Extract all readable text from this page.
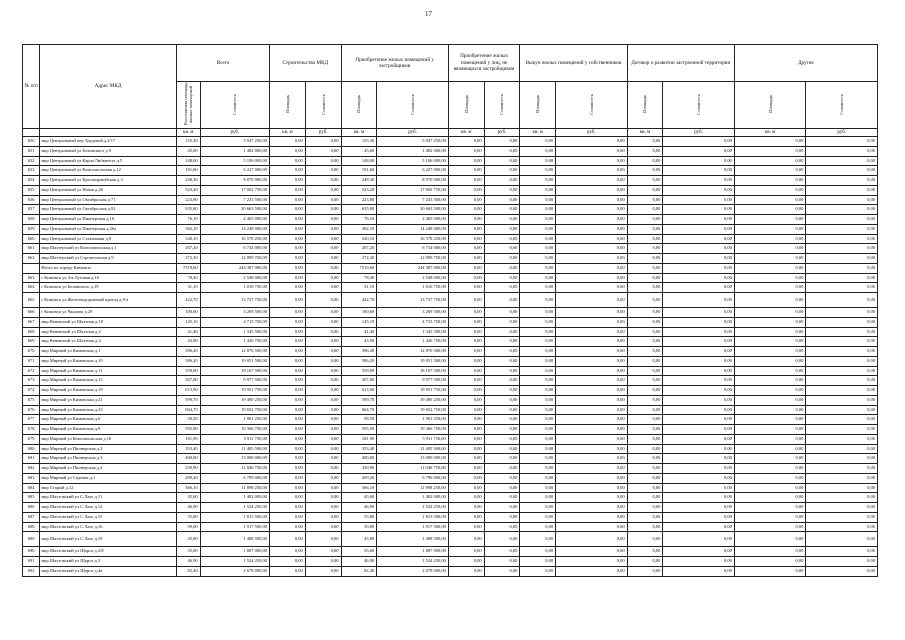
17
№ п/п	Адрес МКД	Всего		Строительство МКД		Приобретение жилых помещений у застройщиков		Приобретение жилых помещений у лиц, не являющихся застройщиком		Выкуп жилых помещений у собственников		Договор о развитии застроенной территории		Другие	
		Расселяемая площадь жилых помещений	Стоимость	Площадь	Стоимость	Площадь	Стоимость	Площадь	Стоимость	Площадь	Стоимость	Площадь	Стоимость	Площадь	Стоимость
		кв. м	руб.	кв. м	руб.	кв. м	руб.	кв. м	руб.	кв. м	руб.	кв. м	руб.	кв. м	руб.
650	мкр Центральный пер Трудовой д.2/17	155,30	5 047 250,00	0,00	0,00	155,30	5 047 250,00	0,00	0,00	0,00	0,00	0,00	0,00	0,00	0,00
651	мкр Центральный ул Белинского д.9	45,60	1 482 000,00	0,00	0,00	45,60	1 482 000,00	0,00	0,00	0,00	0,00	0,00	0,00	0,00	0,00
652	мкр Центральный ул Карла Либкнехта д.5	148,00	5 106 000,00	0,00	0,00	148,00	5 106 000,00	0,00	0,00	0,00	0,00	0,00	0,00	0,00	0,00
653	мкр Центральный ул Комсомольская д.12	191,60	6 227 000,00	0,00	0,00	191,60	6 227 000,00	0,00	0,00	0,00	0,00	0,00	0,00	0,00	0,00
654	мкр Центральный ул Красноармейская д.3	248,30	8 070 000,00	0,00	0,00	248,30	8 070 000,00	0,00	0,00	0,00	0,00	0,00	0,00	0,00	0,00
655	мкр Центральный ул Назия д.26	523,20	17 002 750,00	0,00	0,00	523,20	17 002 750,00	0,00	0,00	0,00	0,00	0,00	0,00	0,00	0,00
656	мкр Центральный ул Октябрьская д.71	223,80	7 233 500,00	0,00	0,00	223,80	7 233 500,00	0,00	0,00	0,00	0,00	0,00	0,00	0,00	0,00
657	мкр Центральный ул Октябрьская д.92	635,80	20 663 500,00	0,00	0,00	635,80	20 663 500,00	0,00	0,00	0,00	0,00	0,00	0,00	0,00	0,00
658	мкр Центральный ул Пионерская д.16	76,10	2 465 000,00	0,00	0,00	76,10	2 465 000,00	0,00	0,00	0,00	0,00	0,00	0,00	0,00	0,00
659	мкр Центральный ул Пионерская д.26а	382,10	14 248 000,00	0,00	0,00	382,10	14 248 000,00	0,00	0,00	0,00	0,00	0,00	0,00	0,00	0,00
660	мкр Центральный ул Стахановая д.9	540,10	16 578 250,00	0,00	0,00	540,10	16 578 250,00	0,00	0,00	0,00	0,00	0,00	0,00	0,00	0,00
661	мкр Шахтерский ул Комсомольская д.1	207,20	6 734 000,00	0,00	0,00	207,20	6 734 000,00	0,00	0,00	0,00	0,00	0,00	0,00	0,00	0,00
662	мкр Шахтерский ул Строительная д.9	372,30	12 099 750,00	0,00	0,00	372,30	12 099 750,00	0,00	0,00	0,00	0,00	0,00	0,00	0,00	0,00
	Итого по городу Кимовск:	7519,60	244 387 000,00	0,00	0,00	7519,60	244 387 000,00	0,00	0,00	0,00	0,00	0,00	0,00	0,00	0,00
663	г Кимовск ул 4-я Луговая д.16	78,40	2 548 000,00	0,00	0,00	78,40	2 548 000,00	0,00	0,00	0,00	0,00	0,00	0,00	0,00	0,00
664	г Кимовск ул Белинского д.19	31,10	1 010 750,00	0,00	0,00	31,10	1 010 750,00	0,00	0,00	0,00	0,00	0,00	0,00	0,00	0,00
665	г Кимовск ул Железнодорожный проезд д.9-а	422,70	13 737 750,00	0,00	0,00	422,70	13 737 750,00	0,00	0,00	0,00	0,00	0,00	0,00	0,00	0,00
666	г Кимовск ул Чкалова д.29	100,60	3 269 500,00	0,00	0,00	100,60	3 269 500,00	0,00	0,00	0,00	0,00	0,00	0,00	0,00	0,00
667	мкр Веневский ул Шахтная д.18	145,10	4 715 750,00	0,00	0,00	145,10	4 715 750,00	0,00	0,00	0,00	0,00	0,00	0,00	0,00	0,00
668	мкр Веневский ул Шахтная д.2	41,40	1 345 500,00	0,00	0,00	41,40	1 345 500,00	0,00	0,00	0,00	0,00	0,00	0,00	0,00	0,00
669	мкр Веневский ул Шахтная д.4	43,90	1 426 750,00	0,00	0,00	43,90	1 426 750,00	0,00	0,00	0,00	0,00	0,00	0,00	0,00	0,00
670	мкр Мирный ул Кимовская д.1	396,20	12 876 500,00	0,00	0,00	396,20	12 876 500,00	0,00	0,00	0,00	0,00	0,00	0,00	0,00	0,00
671	мкр Мирный ул Кимовская д.10	586,20	19 051 500,00	0,00	0,00	586,20	19 051 500,00	0,00	0,00	0,00	0,00	0,00	0,00	0,00	0,00
672	мкр Мирный ул Кимовская д.11	559,00	18 167 500,00	0,00	0,00	559,00	18 167 500,00	0,00	0,00	0,00	0,00	0,00	0,00	0,00	0,00
673	мкр Мирный ул Кимовская д.13	307,00	9 977 500,00	0,00	0,00	307,00	9 977 500,00	0,00	0,00	0,00	0,00	0,00	0,00	0,00	0,00
674	мкр Мирный ул Кимовская д.19	613,90	19 951 750,00	0,00	0,00	613,90	19 951 750,00	0,00	0,00	0,00	0,00	0,00	0,00	0,00	0,00
675	мкр Мирный ул Кимовская д.21	599,70	19 490 250,00	0,00	0,00	599,70	19 490 250,00	0,00	0,00	0,00	0,00	0,00	0,00	0,00	0,00
676	мкр Мирный ул Кимовская д.23	604,70	19 652 750,00	0,00	0,00	604,70	19 652 750,00	0,00	0,00	0,00	0,00	0,00	0,00	0,00	0,00
677	мкр Мирный ул Кимовская д.6	58,50	1 901 250,00	0,00	0,00	58,50	1 901 250,00	0,00	0,00	0,00	0,00	0,00	0,00	0,00	0,00
678	мкр Мирный ул Кимовская д.8	595,90	19 366 750,00	0,00	0,00	595,90	19 366 750,00	0,00	0,00	0,00	0,00	0,00	0,00	0,00	0,00
679	мкр Мирный ул Комсомольская д.16	181,90	5 911 750,00	0,00	0,00	181,90	5 911 750,00	0,00	0,00	0,00	0,00	0,00	0,00	0,00	0,00
680	мкр Мирный ул Пионерская д.2	353,40	11 485 500,00	0,00	0,00	353,40	11 485 500,00	0,00	0,00	0,00	0,00	0,00	0,00	0,00	0,00
681	мкр Мирный ул Пионерская д.3	400,00	13 000 000,00	0,00	0,00	400,00	13 000 000,00	0,00	0,00	0,00	0,00	0,00	0,00	0,00	0,00
682	мкр Мирный ул Пионерская д.4	339,90	11 046 750,00	0,00	0,00	339,90	11 046 750,00	0,00	0,00	0,00	0,00	0,00	0,00	0,00	0,00
683	мкр Мирный ул Садовая д.1	209,20	6 799 000,00	0,00	0,00	209,20	6 799 000,00	0,00	0,00	0,00	0,00	0,00	0,00	0,00	0,00
684	мкр Старый д.12	366,10	11 898 250,00	0,00	0,00	366,10	11 898 250,00	0,00	0,00	0,00	0,00	0,00	0,00	0,00	0,00
685	мкр Шахтовский ул С.Лазо д.11	45,60	1 482 000,00	0,00	0,00	45,60	1 482 000,00	0,00	0,00	0,00	0,00	0,00	0,00	0,00	0,00
686	мкр Шахтовский ул С.Лазо д.12	46,90	1 524 250,00	0,00	0,00	46,90	1 524 250,00	0,00	0,00	0,00	0,00	0,00	0,00	0,00	0,00
687	мкр Шахтовский ул С.Лазо д.15	55,80	1 813 500,00	0,00	0,00	55,80	1 813 500,00	0,00	0,00	0,00	0,00	0,00	0,00	0,00	0,00
688	мкр Шахтовский ул С.Лазо д.16	59,00	1 917 500,00	0,00	0,00	59,00	1 917 500,00	0,00	0,00	0,00	0,00	0,00	0,00	0,00	0,00
689	мкр Шахтовский ул С.Лазо д.19	45,80	1 488 500,00	0,00	0,00	45,80	1 488 500,00	0,00	0,00	0,00	0,00	0,00	0,00	0,00	0,00
690	мкр Шахтовский ул Щорса д.2/8	55,60	1 807 000,00	0,00	0,00	55,60	1 807 000,00	0,00	0,00	0,00	0,00	0,00	0,00	0,00	0,00
691	мкр Шахтовский ул Щорса д.3	46,90	1 524 250,00	0,00	0,00	46,90	1 524 250,00	0,00	0,00	0,00	0,00	0,00	0,00	0,00	0,00
692	мкр Шахтовский ул Щорса д.4а	82,40	2 678 000,00	0,00	0,00	82,40	2 678 000,00	0,00	0,00	0,00	0,00	0,00	0,00	0,00	0,00
